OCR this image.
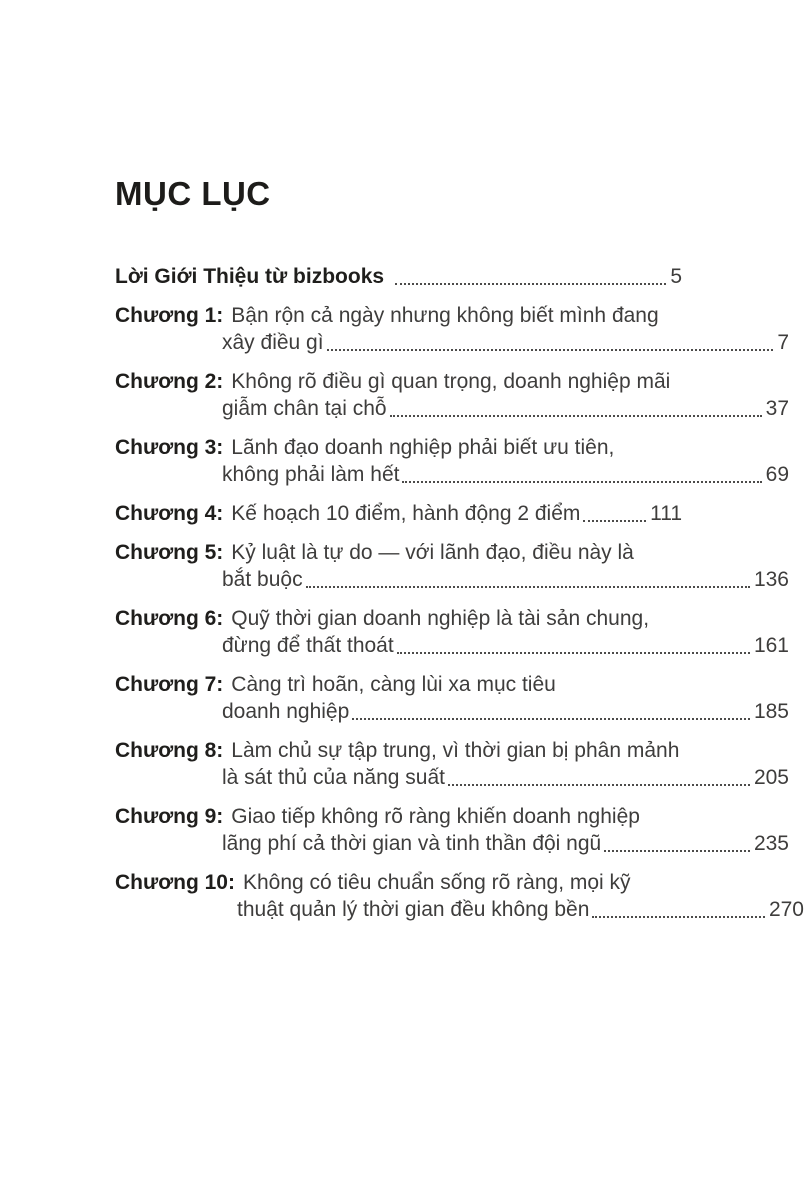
MỤC LỤC
Lời Giới Thiệu từ bizbooks	5
Chương 1: Bận rộn cả ngày nhưng không biết mình đang
xây điều gì	7
Chương 2: Không rõ điều gì quan trọng, doanh nghiệp mãi
giẫm chân tại chỗ	37
Chương 3: Lãnh đạo doanh nghiệp phải biết ưu tiên,
không phải làm hết	69
Chương 4: Kế hoạch 10 điểm, hành động 2 điểm	111
Chương 5: Kỷ luật là tự do — với lãnh đạo, điều này là
bắt buộc	136
Chương 6: Quỹ thời gian doanh nghiệp là tài sản chung,
đừng để thất thoát	161
Chương 7: Càng trì hoãn, càng lùi xa mục tiêu
doanh nghiệp	185
Chương 8: Làm chủ sự tập trung, vì thời gian bị phân mảnh
là sát thủ của năng suất	205
Chương 9: Giao tiếp không rõ ràng khiến doanh nghiệp
lãng phí cả thời gian và tinh thần đội ngũ	235
Chương 10: Không có tiêu chuẩn sống rõ ràng, mọi kỹ
thuật quản lý thời gian đều không bền	270
